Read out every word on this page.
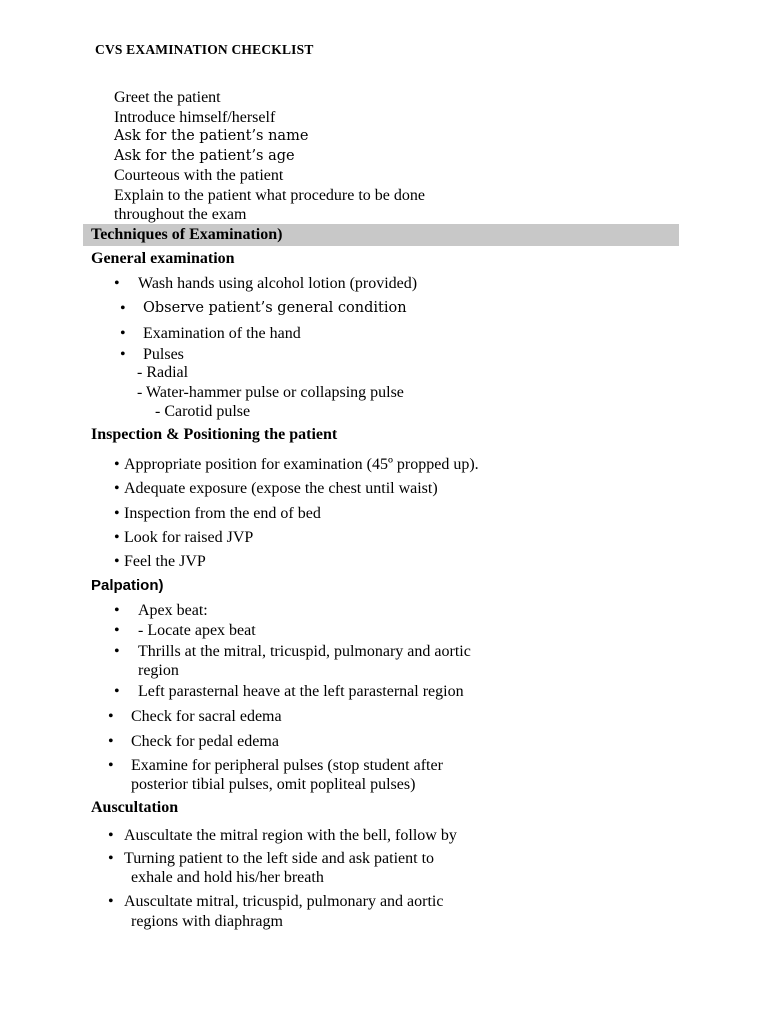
CVS EXAMINATION CHECKLIST
Greet the patient
Introduce himself/herself
Ask for the patient’s name
Ask for the patient’s age
Courteous with the patient
Explain to the patient what procedure to be done
throughout the exam
Techniques of Examination)
General examination
• Wash hands using alcohol lotion (provided)
• Observe patient’s general condition
• Examination of the hand
• Pulses
- Radial
- Water-hammer pulse or collapsing pulse
- Carotid pulse
Inspection & Positioning the patient
• Appropriate position for examination (45º propped up).
• Adequate exposure (expose the chest until waist)
• Inspection from the end of bed
• Look for raised JVP
• Feel the JVP
Palpation)
• Apex beat:
• - Locate apex beat
• Thrills at the mitral, tricuspid, pulmonary and aortic
region
• Left parasternal heave at the left parasternal region
• Check for sacral edema
• Check for pedal edema
• Examine for peripheral pulses (stop student after
posterior tibial pulses, omit popliteal pulses)
Auscultation
• Auscultate the mitral region with the bell, follow by
• Turning patient to the left side and ask patient to
exhale and hold his/her breath
• Auscultate mitral, tricuspid, pulmonary and aortic
regions with diaphragm
